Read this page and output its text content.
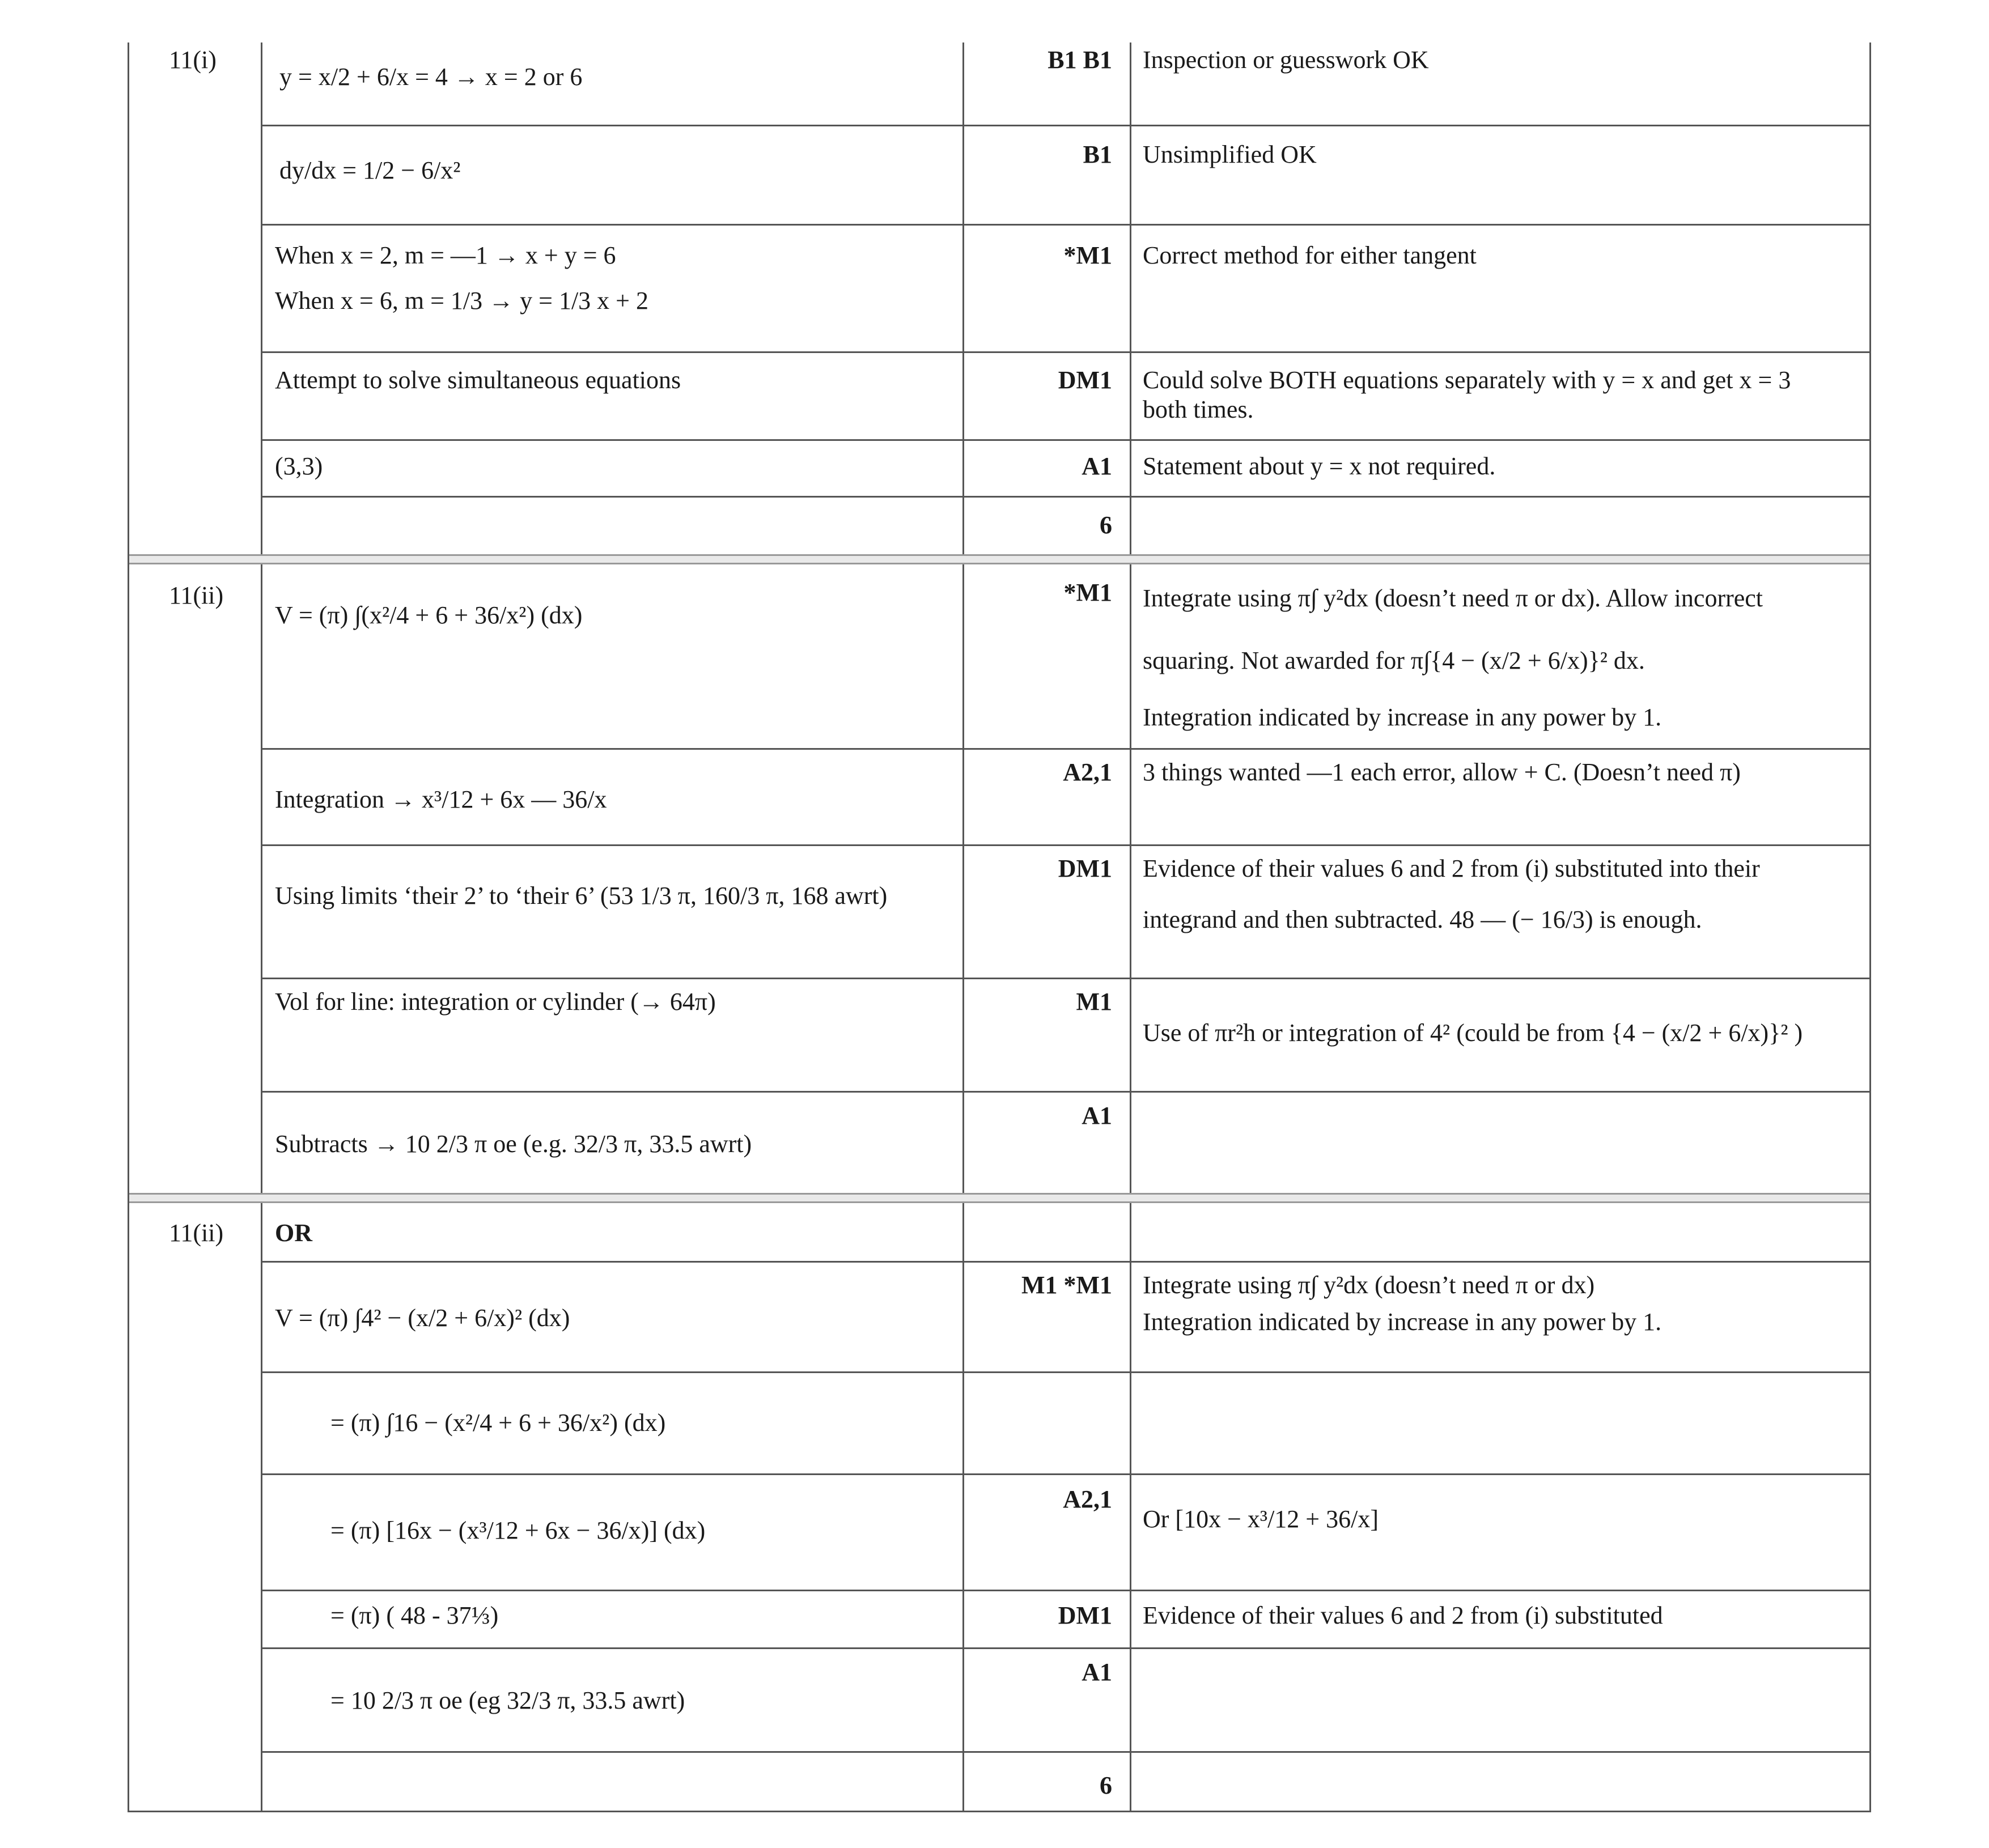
11(i)
11(ii)
11(ii)
B1 B1
B1
*M1
DM1
A1
6
*M1
A2,1
DM1
M1
A1
M1 *M1
A2,1
DM1
A1
6
Inspection or guesswork OK
Unsimplified OK
Correct method for either tangent
Could solve BOTH equations separately with y = x and get x = 3
both times.
Statement about y = x not required.
Integrate using π∫ y²dx (doesn’t need π or dx). Allow incorrect
squaring. Not awarded for π∫{4 − (x/2 + 6/x)}² dx.
Integration indicated by increase in any power by 1.
3 things wanted —1 each error, allow + C. (Doesn’t need π)
Evidence of their values 6 and 2 from (i) substituted into their
integrand and then subtracted. 48 — (− 16/3) is enough.
Use of πr²h or integration of 4² (could be from {4 − (x/2 + 6/x)}² )
Integrate using π∫ y²dx (doesn’t need π or dx)
Integration indicated by increase in any power by 1.
Or [10x − x³/12 + 36/x]
Evidence of their values 6 and 2 from (i) substituted
y = x/2 + 6/x = 4 → x = 2 or 6
dy/dx = 1/2 − 6/x²
When x = 2, m = —1 → x + y = 6
When x = 6, m = 1/3 → y = 1/3 x + 2
Attempt to solve simultaneous equations
(3,3)
V = (π) ∫(x²/4 + 6 + 36/x²) (dx)
Integration → x³/12 + 6x — 36/x
Using limits ‘their 2’ to ‘their 6’ (53 1/3 π, 160/3 π, 168 awrt)
Vol for line: integration or cylinder (→ 64π)
Subtracts → 10 2/3 π oe (e.g. 32/3 π, 33.5 awrt)
OR
V = (π) ∫4² − (x/2 + 6/x)² (dx)
= (π) ∫16 − (x²/4 + 6 + 36/x²) (dx)
= (π) [16x − (x³/12 + 6x − 36/x)] (dx)
= (π) ( 48 - 37⅓)
= 10 2/3 π oe (eg 32/3 π, 33.5 awrt)
